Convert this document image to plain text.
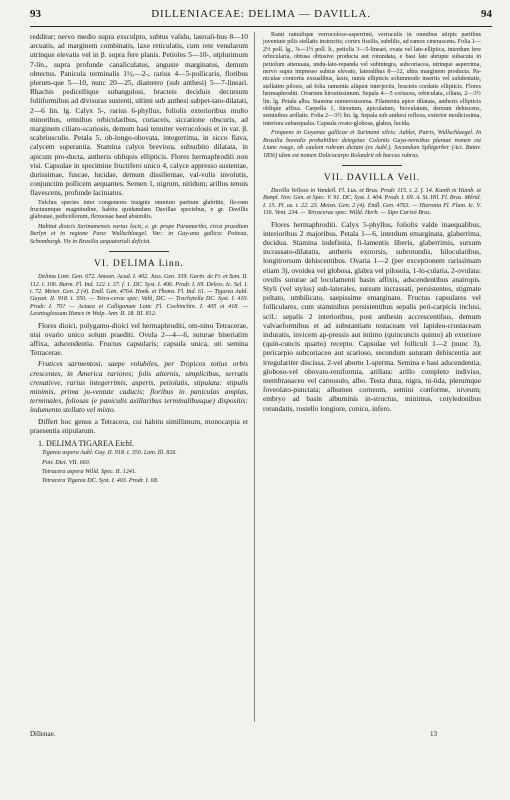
93	DILLENIACEAE: DELIMA — DAVILLA.	94

redditur; nervo medio supra exsculpto, subtus valido, laterali-bus 8—10 arcuatis, ad marginem combinatis, laxe reticulatis, cum rete venularum utrinque elevatis vel in β. supra fere planis. Petioles 5—10-, utplurimum 7-lin., supra profunde canaliculatus, anguste marginatus, demum obtectus. Panicula terminalis 1½,—2-, rarius 4—5-pollicaris, floribus plerum-que 5—10, nunc 20—25, diametro (sub anthesi) 5—7-linearì. Rhachis pedicellique subangulosi, bracteis deciduis decursum foliiformibus ad divisuras sustenti, ultimi sub anthesi subpet-tato-dilatati, 2—6 lin. lg. Calyx 5-, rarius 6-phyllus, foliolis exterioribus multo minoribus, omnibus orbicularibus, coriaceis, siccatione obscuris, ad marginem ciliato-scariosis, demum basi tenuiter verrucolosis et in var. β. scabriusculis. Petala 5, ob-longo-obovata, integerrima, in sicco flava, calycem superantia. Stamina calyce breviora, subsubito dilatata, in apicum pro-ducta, antheris obliquis ellipticis. Flores hermaphroditi non visi. Capsulae in specimine fructifero unico 4, calyce appresso sustentae, durissimae, fuscae, lucidae, demum dissilientae, val-vulis involutis, conjunctim pollicem aequantes. Semen 1, nigrum, nitidum; arillus tenuis flavescens, profunde laciniatus.

Tulchra species inter congeneres insignis omnium partium glabritie, flo-rum fructuumque magnitudine, habitu quidamdam Davillae speciebus, e gr. Davillis glabratae, pedicellorum, flexuosae haud absimilis.

Habitat dioicis Surinamensis varius locis, e. gr. prope Paramaribo, circa praedium Berlyn et in regione Para: Wullschlaegel. Var.: in Guy-ana gallica: Poiteau, Schomburgk. Vix in Brasilia aequatoriali deficiet.

VI. DELIMA Linn.

Delima Linn. Gen. 672. Amoen. Acad. I. 402. Juss. Gen. 339. Gartn. de Fr. et Sem. II. 112. t. 106. Burm. Fl. Ind. 122. t. 37. f. 1. DC. Syst. I. 406. Prodr. I. 69. Deless. Ic. Sel. I. t. 72. Meisn. Gen. 2 (4). Endl. Gen. 4764. Hook. et Thoms. Fl. Ind. 61. — Tigarea Aubl. Guyan. II. 918. t. 350. — Tetra-cerae spec. Vahl, DC. — Trachytella DC. Syst. I. 410. Prodr. I. 70? — Actaea et Calligonum Lour. Fl. Cochinchin. I. 405 et 418. — Leontoglossum Hance in Walp. Ann. II. 18. III. 812.

Flores dioici, polygamo-dioici vel hermaphroditi, om-nino Tetracerae, nisi ovario unico solum praediti. Ovula 2—4—6, suturae biseriatim affixa, adscendentia. Fructus capsularis; capsula unica, uti semina Tetracerae.

Frutices sarmentosi, saepe volubiles, per Tropicos totius orbis crescentes, in America rariores; folis alternis, simplicibus, serratis crenativve, rarius integerrimis, asperis, petiolatis, stipulata: stipulis minimis, prima ju-ventute caducis; floribus in paniculas amplas, terminales, foliosas (e paniculis axillaribus terminalibusque) dispositis; indumento stellato vel mixto.

Differt hoc genus a Tetracera, cui habitu simillimum, monocarpia et praesentia stipularum.

1. DELIMA TIGAREA Eichl.

Tigarea aspera Aubl. Guy. II. 918. t. 350. Lam. Ill. 826.

Poir. Dict. VII. 660.

Tetracera aspera Willd. Spec. II. 1241.

Tetracera Tigarea DC. Syst. I. 403. Prodr. I. 68.

Rami ramulique verrucoloso-asperrimi, verruculis in omnibus stirpis partibus juventute pilis stellatis instructis; cortex fissilis, subdilis, ad ramos cinerascens. Folia 1—2½ poll. lg., ⅞—1½ poll. lt., petiolis 3—5-lineari, ovata vel late-elliptica, interdum fere orbicularia, obtusa obtusive producta aut rotundata, e basi late abrupte subacuta in petiolum attenuata, undu-lato-repanda vel subintegra, subcoriacea, utrinque asperrima, nervo supra impresso subtus elevato, lateralibus 8—12, ultra marginem producta. Pa-niculae contortis exsualibus, laxis, ramis ellipticis solummodo insertis vel subdentatis, stellatim pilosis, ad folia ramentis aliquot interjectis, bracteis cordatis ellipticis. Flores hermaphroditi. Ovarium hirsutissimum. Sepala 4—5 coriacea, orbiculata, ciliata, 2—3½ lin. lg. Petala alba. Stamina numerosissima. Filamenta apice dilatata, antheris ellipticis oblique affixa. Carpella 1, hirsutum, apiculatum, biovulatum, demum dehiscens, seminibus arillatis. Folia 2—3½ lin. lg. Sepala sub anthesi reflexa, exterior modicissima, interiora subaequalia. Capsula ovato-globosa, glabra, lucida.

Frequens in Guyanae gallicae et Surinami silvis: Aublet, Patris, Wullschlaegel. In Brasilia borealis probabiliter detegetur. Coloniis Guya-nensibus plantae nomen est Liane rouge, ob caulem rubrum dictam (ex Aubl.). Secundum Splitgerber (Act. Batav. 1856) idem est nomen Dolicocarpo Rolandrii ob baccas rubras.

VII. DAVILLA Vell.

Davilla Velloso in Vandell. Fl. Lus. et Bras. Prodr. 115. t. 2. f. 14. Kunth in Humb. et Bonpl. Nov. Gen. et Spec. V. 91. DC. Syst. I. 404. Prodr. I. 69. A. St. Hil. Fl. Bras. Mérid. I. 15. Pl. us. t. 22. 23. Meisn. Gen. 2 (4). Endl. Gen. 4763. — Hieronia Fl. Flum. Ic. V. 116. Vent. 234. — Tetracerae spec. Willd. Herb. — Sipo Carixó Bras.

Flores hermaphroditi. Calyx 5-phyllus, foliolis valde inaequalibus, interioribus 2 majoribus. Petala 1—6, interdum emarginata, glaberrima, decidua. Stamina indefinita, fi-lamentis liberis, glaberrimis, sursum incrassato-dilatatis, antheris extrorsis, subrotundis, bilocularibus, longitrorsum dehiscentibus. Ovaria 1—2 (per exceptionem rarissimam etiam 3), ovoidea vel globosa, glabra vel pilosula, 1-lo-cularia, 2-ovulata: ovulis suturae ad loculamenti basin affixis, adscendentibus anatropis. Styli (vel stylus) sub-laterales, sursum incrassati, persistentes, stigmate peltato, umbilicato, saepissime emarginato. Fructus capsulares vel folliculares, cum staminibus persistentibus sepalis peri-carpicis inclusi, scil.: sepalis 2 interioribus, post anthesin accrescentibus, demum valvaeformibus et ad substantiam testaceam vel lapideo-crustaceam induratis, invicem ap-pressis aut intimo (quincuncis quinto) ab exteriore (quin-cuncis quarto) recepto. Capsulae vel folliculi 1—2 (nunc 3), pericarpio subcoriaceo aut scarioso, secundum suturam dehiscentia aut irregulariter discissa, 2-vel abortu 1-sperma. Semina e basi adscendentia, globoso-vel obovato-reniformia, arillata: arillo completo indiviso, membranaceo vel carnosulo, albo. Testa dura, nigra, ni-tida, plerumque foveolato-punctata; albumen corneum, semini conforme, niveum; embryo ad basin albuminis in-structus, minimus, cotyledonibus rotundatis, rostello longiore, conico, infero.

Dillenae.	13
